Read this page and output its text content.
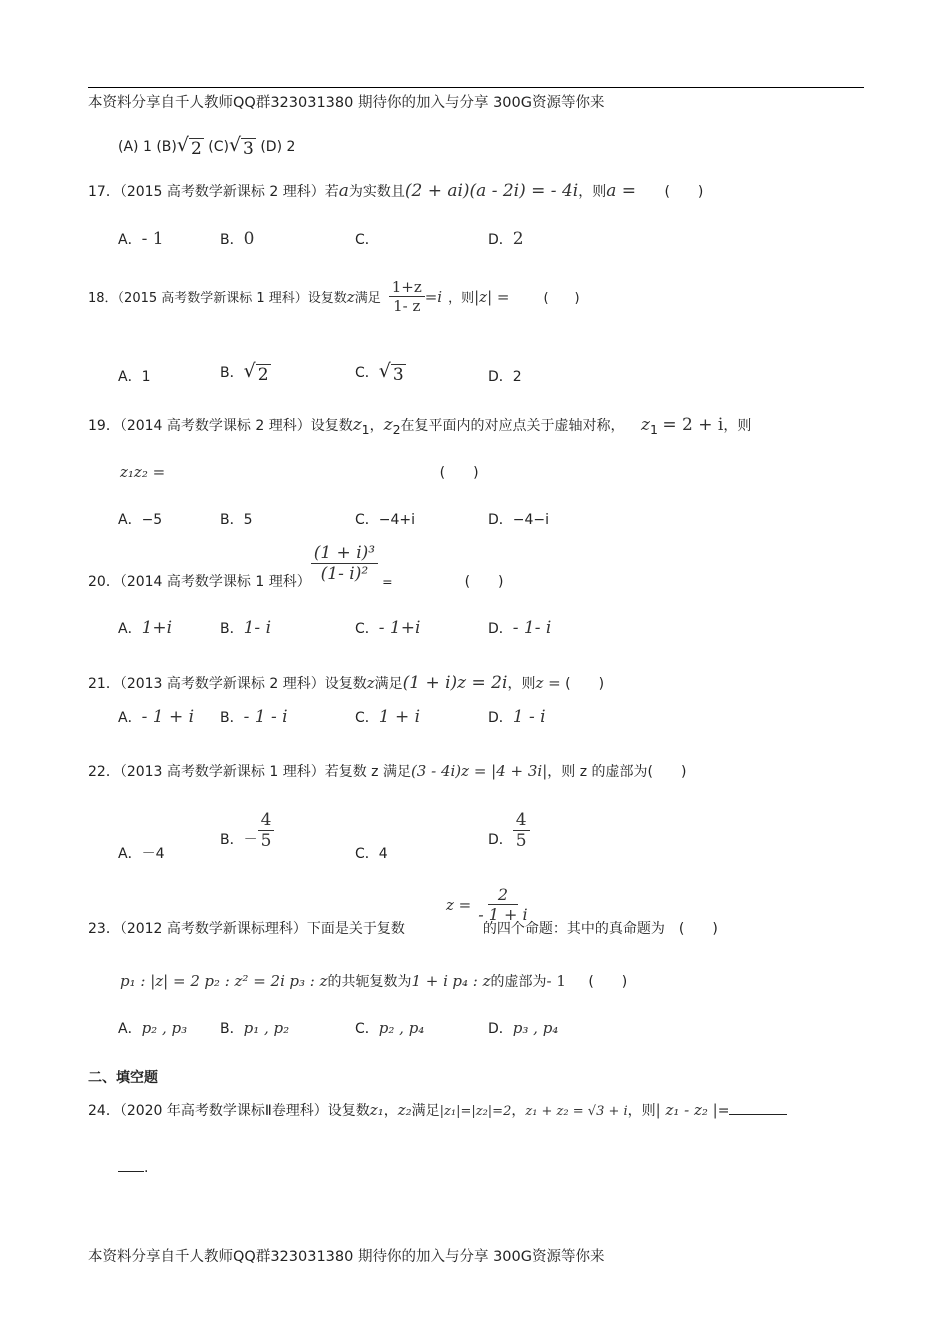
本资料分享自千人教师QQ群323031380 期待你的加入与分享 300G资源等你来
(A) 1 (B) √ 2 (C) √ 3 (D) 2
17．（2015 高考数学新课标 2 理科）若a为实数且(2 + ai)(a - 2i) = - 4i，则a = (　　)
A．- 1	B．0	C．	D．2
18．（2015 高考数学新课标 1 理科）设复数 z 满足 $\frac{1+z}{1- z} =i$ ，则 |z| =	(　　)
A．1	B． √ 2	C． √ 3	D．2
19．（2014 高考数学课标 2 理科）设复数$z_1$，$z_2$在复平面内的对应点关于虚轴对称， $z_1 = 2 + i$，则
z₁z₂ =	(　　)
A．−5	B．5	C．−4+i	D．−4−i
20．（2014 高考数学课标 1 理科） $\frac{\text{(1 + i)³}}{\text{(1- i)²}}$ =	(　　)
A．1+i	B．1- i	C．- 1+i	D．- 1- i
21．（2013 高考数学新课标 2 理科）设复数z满足(1 + i)z = 2i，则z = (　　)
A．- 1 + i B．- 1 - i	C．1 + i	D．1 - i
22．（2013 高考数学新课标 1 理科）若复数 z 满足(3 - 4i)z = |4 + 3i|，则 z 的虚部为(　　)
A．－4
B．－ $\frac{4}{5}$
C．4
D． $\frac{4}{5}$
$z = \frac{2}{- 1 + i}$
23．（2012 高考数学新课标理科）下面是关于复数	的四个命题：其中的真命题为　(　　)
p₁ : |z| = 2 p₂ : z² = 2i p₃ : z的共轭复数为1 + i p₄ : z的虚部为- 1 (　　)
A．p₂ , p₃ B．p₁ , p₂	C．p₂ , p₄	D．p₃ , p₄
二、填空题
24．（2020 年高考数学课标Ⅱ卷理科）设复数z₁，z₂满足|z₁|=|z₂|=2，z₁ + z₂ = √3 + i，则| z₁ - z₂ |=
.
本资料分享自千人教师QQ群323031380 期待你的加入与分享 300G资源等你来
